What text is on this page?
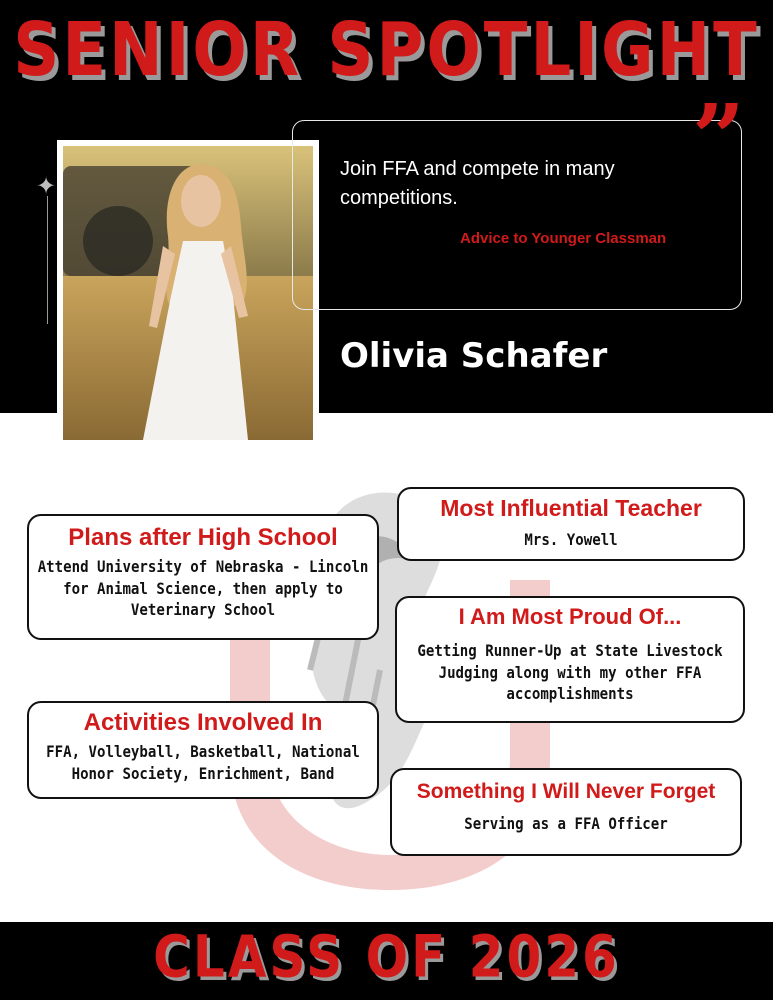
SENIOR SPOTLIGHT
✦	”
Join FFA and compete in many competitions.
Advice to Younger Classman
Olivia Schafer
Plans after High School
Attend University of Nebraska - Lincoln for Animal Science, then apply to Veterinary School
Activities Involved In
FFA, Volleyball, Basketball, National Honor Society, Enrichment, Band
Most Influential Teacher
Mrs. Yowell
I Am Most Proud Of...
Getting Runner-Up at State Livestock Judging along with my other FFA accomplishments
Something I Will Never Forget
Serving as a FFA Officer
CLASS OF 2026
